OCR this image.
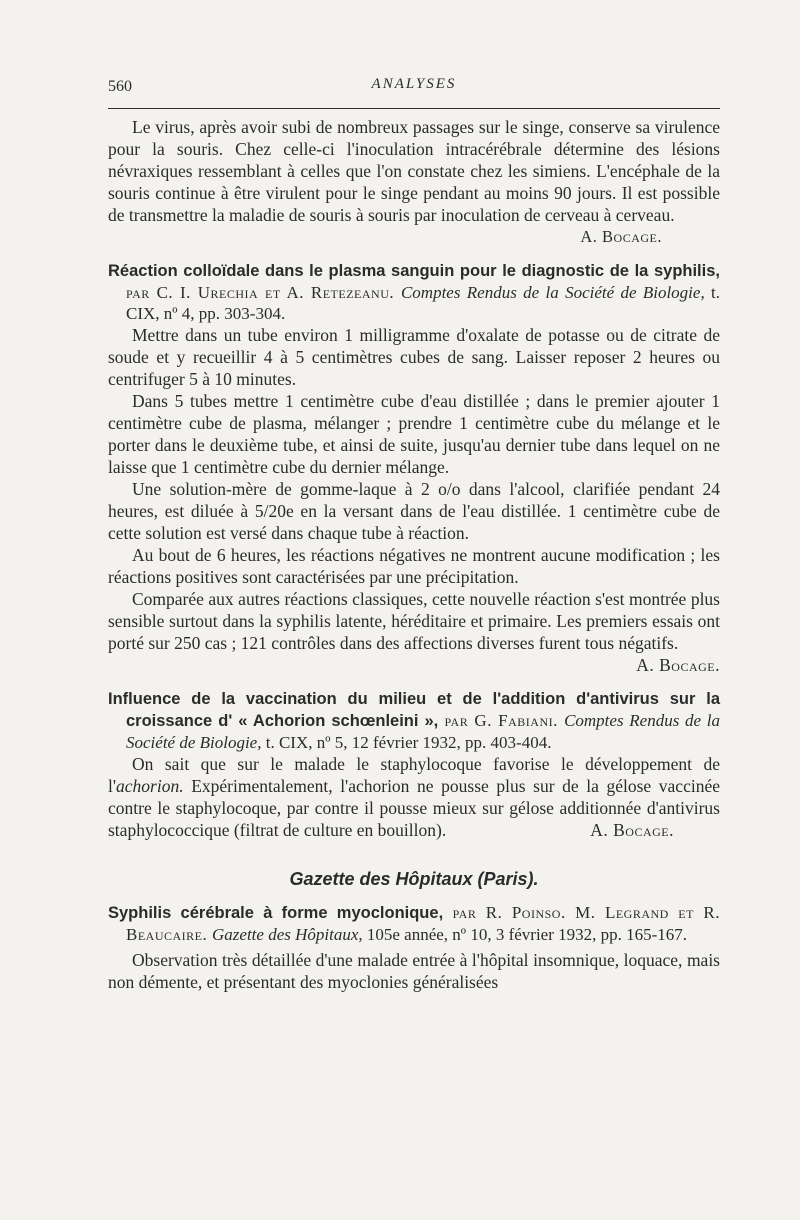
560	ANALYSES

Le virus, après avoir subi de nombreux passages sur le singe, conserve sa virulence pour la souris. Chez celle-ci l'inoculation intracérébrale détermine des lésions névraxiques ressemblant à celles que l'on constate chez les simiens. L'encéphale de la souris continue à être virulent pour le singe pendant au moins 90 jours. Il est possible de transmettre la maladie de souris à souris par inoculation de cerveau à cerveau.

A. Bocage.
Réaction colloïdale dans le plasma sanguin pour le diagnostic de la syphilis, par C. I. Urechia et A. Retezeanu. Comptes Rendus de la Société de Biologie, t. CIX, nº 4, pp. 303-304.

Mettre dans un tube environ 1 milligramme d'oxalate de potasse ou de citrate de soude et y recueillir 4 à 5 centimètres cubes de sang. Laisser reposer 2 heures ou centrifuger 5 à 10 minutes.

Dans 5 tubes mettre 1 centimètre cube d'eau distillée ; dans le premier ajouter 1 centimètre cube de plasma, mélanger ; prendre 1 centimètre cube du mélange et le porter dans le deuxième tube, et ainsi de suite, jusqu'au dernier tube dans lequel on ne laisse que 1 centimètre cube du dernier mélange.

Une solution-mère de gomme-laque à 2 o/o dans l'alcool, clarifiée pendant 24 heures, est diluée à 5/20e en la versant dans de l'eau distillée. 1 centimètre cube de cette solution est versé dans chaque tube à réaction.

Au bout de 6 heures, les réactions négatives ne montrent aucune modification ; les réactions positives sont caractérisées par une précipitation.

Comparée aux autres réactions classiques, cette nouvelle réaction s'est montrée plus sensible surtout dans la syphilis latente, héréditaire et primaire. Les premiers essais ont porté sur 250 cas ; 121 contrôles dans des affections diverses furent tous négatifs.
A. Bocage.

Influence de la vaccination du milieu et de l'addition d'antivirus sur la croissance d' « Achorion schœnleini », par G. Fabiani. Comptes Rendus de la Société de Biologie, t. CIX, nº 5, 12 février 1932, pp. 403-404.

On sait que sur le malade le staphylocoque favorise le développement de l'achorion. Expérimentalement, l'achorion ne pousse plus sur de la gélose vaccinée contre le staphylocoque, par contre il pousse mieux sur gélose additionnée d'antivirus staphylococcique (filtrat de culture en bouillon).	A. Bocage.

Gazette des Hôpitaux (Paris).
Syphilis cérébrale à forme myoclonique, par R. Poinso. M. Legrand et R. Beaucaire. Gazette des Hôpitaux, 105e année, nº 10, 3 février 1932, pp. 165-167.

Observation très détaillée d'une malade entrée à l'hôpital insomnique, loquace, mais non démente, et présentant des myoclonies généralisées
